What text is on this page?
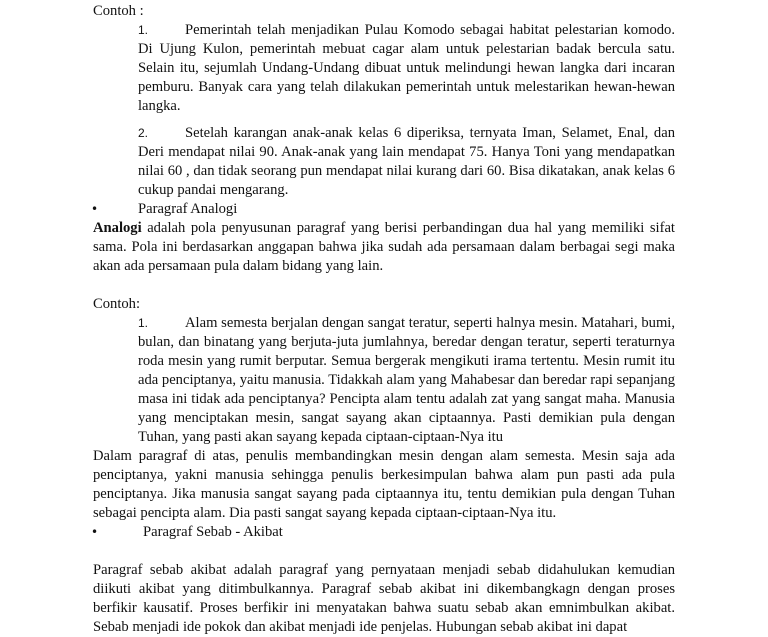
Contoh :

1.	Pemerintah telah menjadikan Pulau Komodo sebagai habitat pelestarian komodo. Di Ujung Kulon, pemerintah mebuat cagar alam untuk pelestarian badak bercula satu. Selain itu, sejumlah Undang-Undang dibuat untuk melindungi hewan langka dari incaran pemburu. Banyak cara yang telah dilakukan pemerintah untuk melestarikan hewan-hewan langka.

2.	Setelah karangan anak-anak kelas 6 diperiksa, ternyata Iman, Selamet, Enal, dan Deri mendapat nilai 90. Anak-anak yang lain mendapat 75. Hanya Toni yang mendapatkan nilai 60 , dan tidak seorang pun mendapat nilai kurang dari 60. Bisa dikatakan, anak kelas 6 cukup pandai mengarang.

•	Paragraf Analogi

Analogi adalah pola penyusunan paragraf yang berisi perbandingan dua hal yang memiliki sifat sama. Pola ini berdasarkan anggapan bahwa jika sudah ada persamaan dalam berbagai segi maka akan ada persamaan pula dalam bidang yang lain.

Contoh:

1.	Alam semesta berjalan dengan sangat teratur, seperti halnya mesin. Matahari, bumi, bulan, dan binatang yang berjuta-juta jumlahnya, beredar dengan teratur, seperti teraturnya roda mesin yang rumit berputar. Semua bergerak mengikuti irama tertentu. Mesin rumit itu ada penciptanya, yaitu manusia. Tidakkah alam yang Mahabesar dan beredar rapi sepanjang masa ini tidak ada penciptanya? Pencipta alam tentu adalah zat yang sangat maha. Manusia yang menciptakan mesin, sangat sayang akan ciptaannya. Pasti demikian pula dengan Tuhan, yang pasti akan sayang kepada ciptaan-ciptaan-Nya itu

Dalam paragraf di atas, penulis membandingkan mesin dengan alam semesta. Mesin saja ada penciptanya, yakni manusia sehingga penulis berkesimpulan bahwa alam pun pasti ada pula penciptanya. Jika manusia sangat sayang pada ciptaannya itu, tentu demikian pula dengan Tuhan sebagai pencipta alam. Dia pasti sangat sayang kepada ciptaan-ciptaan-Nya itu.

•	Paragraf Sebab - Akibat

Paragraf sebab akibat adalah paragraf yang pernyataan menjadi sebab didahulukan kemudian diikuti akibat yang ditimbulkannya. Paragraf sebab akibat ini dikembangkagn dengan proses berfikir kausatif. Proses berfikir ini menyatakan bahwa suatu sebab akan emnimbulkan akibat. Sebab menjadi ide pokok dan akibat menjadi ide penjelas. Hubungan sebab akibat ini dapat
